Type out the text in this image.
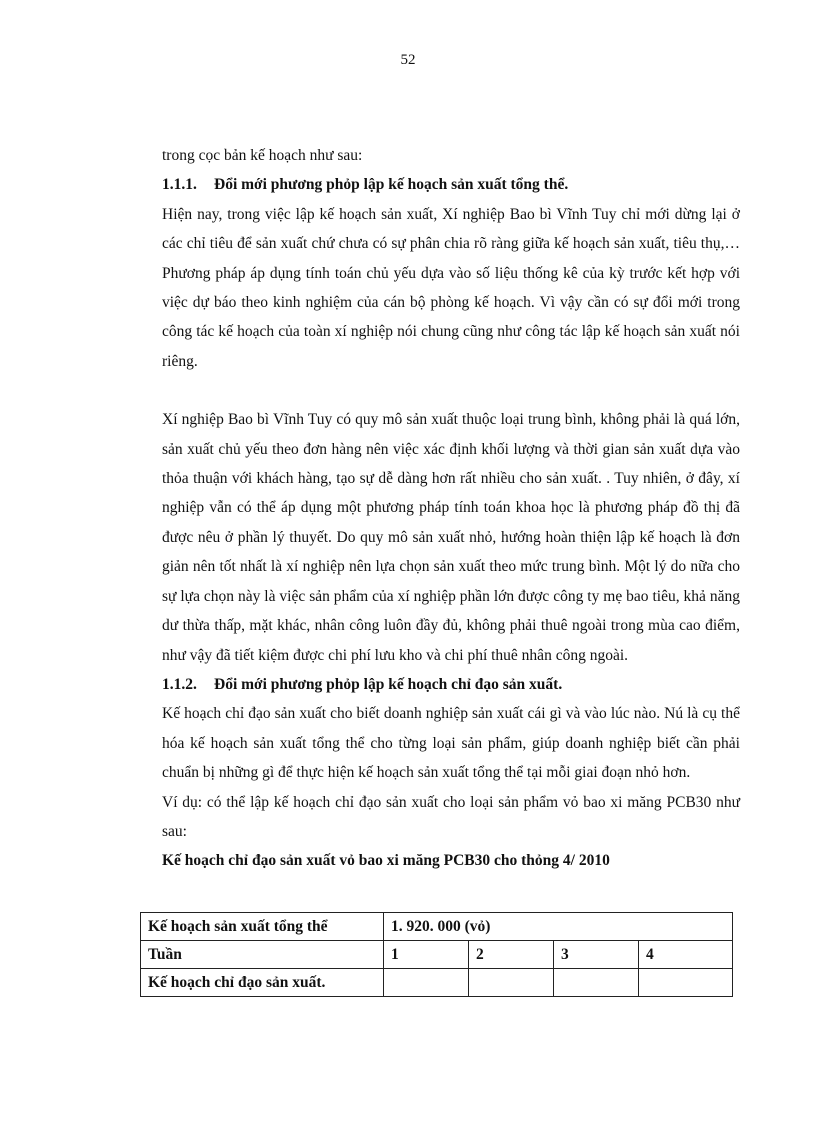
52

trong cọc bản kế hoạch như sau:

1.1.1. Đổi mới phương phỏp lập kế hoạch sản xuất tổng thể.

Hiện nay, trong việc lập kế hoạch sản xuất, Xí nghiệp Bao bì Vĩnh Tuy chỉ mới dừng lại ở các chỉ tiêu để sản xuất chứ chưa có sự phân chia rõ ràng giữa kế hoạch sản xuất, tiêu thụ,… Phương pháp áp dụng tính toán chủ yếu dựa vào số liệu thống kê của kỳ trước kết hợp với việc dự báo theo kinh nghiệm của cán bộ phòng kế hoạch. Vì vậy cần có sự đổi mới trong công tác kế hoạch của toàn xí nghiệp nói chung cũng như công tác lập kế hoạch sản xuất nói riêng.

Xí nghiệp Bao bì Vĩnh Tuy có quy mô sản xuất thuộc loại trung bình, không phải là quá lớn, sản xuất chủ yếu theo đơn hàng nên việc xác định khối lượng và thời gian sản xuất dựa vào thỏa thuận với khách hàng, tạo sự dễ dàng hơn rất nhiều cho sản xuất. . Tuy nhiên, ở đây, xí nghiệp vẫn có thể áp dụng một phương pháp tính toán khoa học là phương pháp đồ thị đã được nêu ở phần lý thuyết. Do quy mô sản xuất nhỏ, hướng hoàn thiện lập kế hoạch là đơn giản nên tốt nhất là xí nghiệp nên lựa chọn sản xuất theo mức trung bình. Một lý do nữa cho sự lựa chọn này là việc sản phẩm của xí nghiệp phần lớn được công ty mẹ bao tiêu, khả năng dư thừa thấp, mặt khác, nhân công luôn đầy đủ, không phải thuê ngoài trong mùa cao điểm, như vậy đã tiết kiệm được chi phí lưu kho và chi phí thuê nhân công ngoài.

1.1.2. Đổi mới phương phỏp lập kế hoạch chỉ đạo sản xuất.

Kế hoạch chỉ đạo sản xuất cho biết doanh nghiệp sản xuất cái gì và vào lúc nào. Nú là cụ thể hóa kế hoạch sản xuất tổng thể cho từng loại sản phẩm, giúp doanh nghiệp biết cần phải chuẩn bị những gì để thực hiện kế hoạch sản xuất tổng thể tại mỗi giai đoạn nhỏ hơn.

Ví dụ: có thể lập kế hoạch chỉ đạo sản xuất cho loại sản phẩm vỏ bao xi măng PCB30 như sau:

Kế hoạch chỉ đạo sản xuất vỏ bao xi măng PCB30 cho thỏng 4/ 2010

Kế hoạch sản xuất tổng thể	1. 920. 000 (vỏ)			
Tuần	1	2	3	4
Kế hoạch chỉ đạo sản xuất.				
